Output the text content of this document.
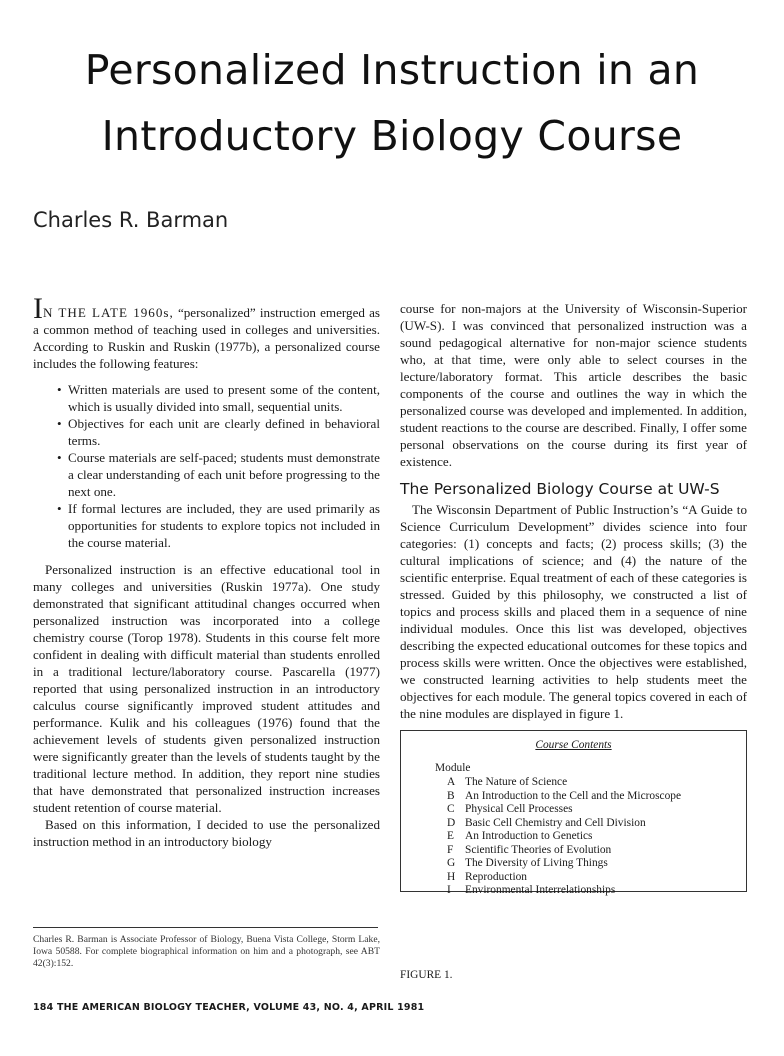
Personalized Instruction in an
Introductory Biology Course
Charles R. Barman

IN THE LATE 1960s, “personalized” instruction emerged as a common method of teaching used in colleges and universities. According to Ruskin and Ruskin (1977b), a personalized course includes the following features:

• Written materials are used to present some of the content, which is usually divided into small, sequential units.
• Objectives for each unit are clearly defined in behavioral terms.
• Course materials are self-paced; students must demonstrate a clear understanding of each unit before progressing to the next one.
• If formal lectures are included, they are used primarily as opportunities for students to explore topics not included in the course material.

Personalized instruction is an effective educational tool in many colleges and universities (Ruskin 1977a). One study demonstrated that significant attitudinal changes occurred when personalized instruction was incorporated into a college chemistry course (Torop 1978). Students in this course felt more confident in dealing with difficult material than students enrolled in a traditional lecture/laboratory course. Pascarella (1977) reported that using personalized instruction in an introductory calculus course significantly improved student attitudes and performance. Kulik and his colleagues (1976) found that the achievement levels of students given personalized instruction were significantly greater than the levels of students taught by the traditional lecture method. In addition, they report nine studies that have demonstrated that personalized instruction increases student retention of course material.

Based on this information, I decided to use the personalized instruction method in an introductory biology

Charles R. Barman is Associate Professor of Biology, Buena Vista College, Storm Lake, Iowa 50588. For complete biographical information on him and a photograph, see ABT 42(3):152.

course for non-majors at the University of Wisconsin-Superior (UW-S). I was convinced that personalized instruction was a sound pedagogical alternative for non-major science students who, at that time, were only able to select courses in the lecture/laboratory format. This article describes the basic components of the course and outlines the way in which the personalized course was developed and implemented. In addition, student reactions to the course are described. Finally, I offer some personal observations on the course during its first year of existence.

The Personalized Biology Course at UW-S

The Wisconsin Department of Public Instruction’s “A Guide to Science Curriculum Development” divides science into four categories: (1) concepts and facts; (2) process skills; (3) the cultural implications of science; and (4) the nature of the scientific enterprise. Equal treatment of each of these categories is stressed. Guided by this philosophy, we constructed a list of topics and process skills and placed them in a sequence of nine individual modules. Once this list was developed, objectives describing the expected educational outcomes for these topics and process skills were written. Once the objectives were established, we constructed learning activities to help students meet the objectives for each module. The general topics covered in each of the nine modules are displayed in figure 1.

Course Contents
Module
A The Nature of Science
B An Introduction to the Cell and the Microscope
C Physical Cell Processes
D Basic Cell Chemistry and Cell Division
E An Introduction to Genetics
F Scientific Theories of Evolution
G The Diversity of Living Things
H Reproduction
I Environmental Interrelationships
FIGURE 1.
184 THE AMERICAN BIOLOGY TEACHER, VOLUME 43, NO. 4, APRIL 1981
